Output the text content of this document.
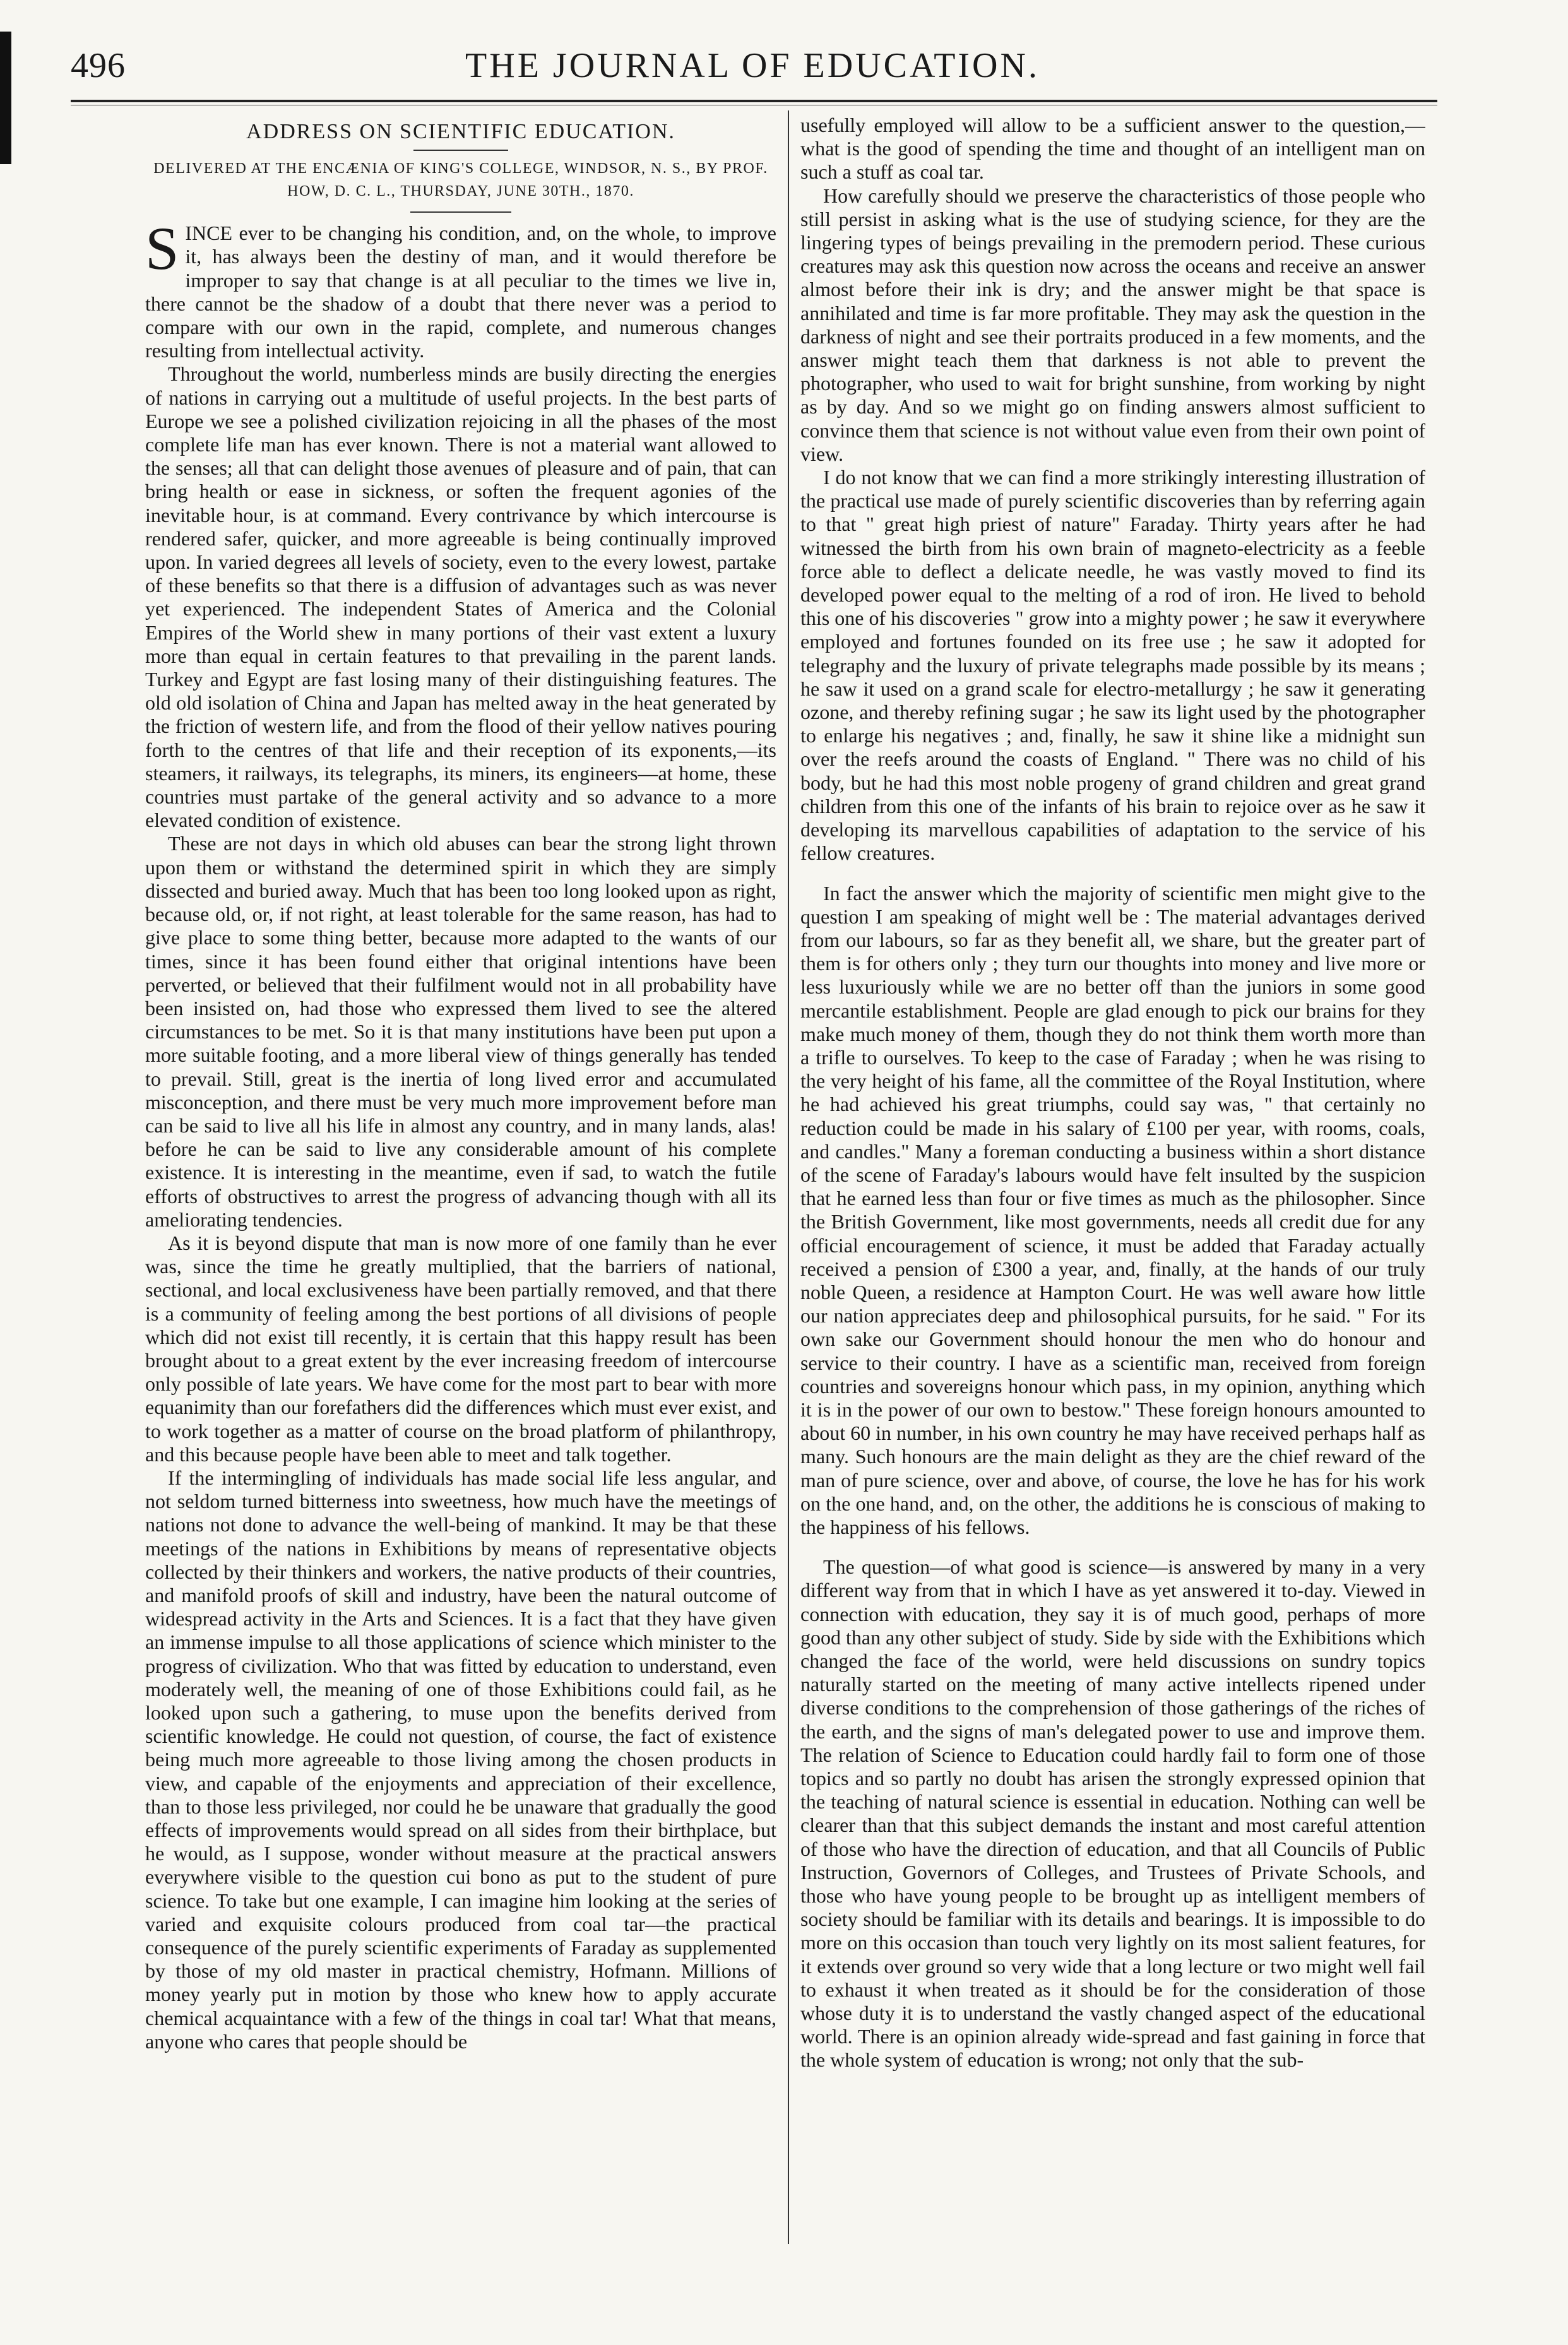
496	THE JOURNAL OF EDUCATION.
ADDRESS ON SCIENTIFIC EDUCATION.
DELIVERED AT THE ENCÆNIA OF KING'S COLLEGE, WINDSOR, N. S., BY PROF. HOW, D. C. L., THURSDAY, JUNE 30TH., 1870.

SINCE ever to be changing his condition, and, on the whole, to improve it, has always been the destiny of man, and it would therefore be improper to say that change is at all peculiar to the times we live in, there cannot be the shadow of a doubt that there never was a period to compare with our own in the rapid, complete, and numerous changes resulting from intellectual activity.

Throughout the world, numberless minds are busily directing the energies of nations in carrying out a multitude of useful projects. In the best parts of Europe we see a polished civilization rejoicing in all the phases of the most complete life man has ever known. There is not a material want allowed to the senses; all that can delight those avenues of pleasure and of pain, that can bring health or ease in sickness, or soften the frequent agonies of the inevitable hour, is at command. Every contrivance by which intercourse is rendered safer, quicker, and more agreeable is being continually improved upon. In varied degrees all levels of society, even to the every lowest, partake of these benefits so that there is a diffusion of advantages such as was never yet experienced. The independent States of America and the Colonial Empires of the World shew in many portions of their vast extent a luxury more than equal in certain features to that prevailing in the parent lands. Turkey and Egypt are fast losing many of their distinguishing features. The old old isolation of China and Japan has melted away in the heat generated by the friction of western life, and from the flood of their yellow natives pouring forth to the centres of that life and their reception of its exponents,—its steamers, it railways, its telegraphs, its miners, its engineers—at home, these countries must partake of the general activity and so advance to a more elevated condition of existence.

These are not days in which old abuses can bear the strong light thrown upon them or withstand the determined spirit in which they are simply dissected and buried away. Much that has been too long looked upon as right, because old, or, if not right, at least tolerable for the same reason, has had to give place to some thing better, because more adapted to the wants of our times, since it has been found either that original intentions have been perverted, or believed that their fulfilment would not in all probability have been insisted on, had those who expressed them lived to see the altered circumstances to be met. So it is that many institutions have been put upon a more suitable footing, and a more liberal view of things generally has tended to prevail. Still, great is the inertia of long lived error and accumulated misconception, and there must be very much more improvement before man can be said to live all his life in almost any country, and in many lands, alas! before he can be said to live any considerable amount of his complete existence. It is interesting in the meantime, even if sad, to watch the futile efforts of obstructives to arrest the progress of advancing though with all its ameliorating tendencies.

As it is beyond dispute that man is now more of one family than he ever was, since the time he greatly multiplied, that the barriers of national, sectional, and local exclusiveness have been partially removed, and that there is a community of feeling among the best portions of all divisions of people which did not exist till recently, it is certain that this happy result has been brought about to a great extent by the ever increasing freedom of intercourse only possible of late years. We have come for the most part to bear with more equanimity than our forefathers did the differences which must ever exist, and to work together as a matter of course on the broad platform of philanthropy, and this because people have been able to meet and talk together.

If the intermingling of individuals has made social life less angular, and not seldom turned bitterness into sweetness, how much have the meetings of nations not done to advance the well-being of mankind. It may be that these meetings of the nations in Exhibitions by means of representative objects collected by their thinkers and workers, the native products of their countries, and manifold proofs of skill and industry, have been the natural outcome of widespread activity in the Arts and Sciences. It is a fact that they have given an immense impulse to all those applications of science which minister to the progress of civilization. Who that was fitted by education to understand, even moderately well, the meaning of one of those Exhibitions could fail, as he looked upon such a gathering, to muse upon the benefits derived from scientific knowledge. He could not question, of course, the fact of existence being much more agreeable to those living among the chosen products in view, and capable of the enjoyments and appreciation of their excellence, than to those less privileged, nor could he be unaware that gradually the good effects of improvements would spread on all sides from their birthplace, but he would, as I suppose, wonder without measure at the practical answers everywhere visible to the question cui bono as put to the student of pure science. To take but one example, I can imagine him looking at the series of varied and exquisite colours produced from coal tar—the practical consequence of the purely scientific experiments of Faraday as supplemented by those of my old master in practical chemistry, Hofmann. Millions of money yearly put in motion by those who knew how to apply accurate chemical acquaintance with a few of the things in coal tar! What that means, anyone who cares that people should be

usefully employed will allow to be a sufficient answer to the question,—what is the good of spending the time and thought of an intelligent man on such a stuff as coal tar.

How carefully should we preserve the characteristics of those people who still persist in asking what is the use of studying science, for they are the lingering types of beings prevailing in the premodern period. These curious creatures may ask this question now across the oceans and receive an answer almost before their ink is dry; and the answer might be that space is annihilated and time is far more profitable. They may ask the question in the darkness of night and see their portraits produced in a few moments, and the answer might teach them that darkness is not able to prevent the photographer, who used to wait for bright sunshine, from working by night as by day. And so we might go on finding answers almost sufficient to convince them that science is not without value even from their own point of view.

I do not know that we can find a more strikingly interesting illustration of the practical use made of purely scientific discoveries than by referring again to that " great high priest of nature" Faraday. Thirty years after he had witnessed the birth from his own brain of magneto-electricity as a feeble force able to deflect a delicate needle, he was vastly moved to find its developed power equal to the melting of a rod of iron. He lived to behold this one of his discoveries " grow into a mighty power ; he saw it everywhere employed and fortunes founded on its free use ; he saw it adopted for telegraphy and the luxury of private telegraphs made possible by its means ; he saw it used on a grand scale for electro-metallurgy ; he saw it generating ozone, and thereby refining sugar ; he saw its light used by the photographer to enlarge his negatives ; and, finally, he saw it shine like a midnight sun over the reefs around the coasts of England. " There was no child of his body, but he had this most noble progeny of grand children and great grand children from this one of the infants of his brain to rejoice over as he saw it developing its marvellous capabilities of adaptation to the service of his fellow creatures.

In fact the answer which the majority of scientific men might give to the question I am speaking of might well be : The material advantages derived from our labours, so far as they benefit all, we share, but the greater part of them is for others only ; they turn our thoughts into money and live more or less luxuriously while we are no better off than the juniors in some good mercantile establishment. People are glad enough to pick our brains for they make much money of them, though they do not think them worth more than a trifle to ourselves. To keep to the case of Faraday ; when he was rising to the very height of his fame, all the committee of the Royal Institution, where he had achieved his great triumphs, could say was, " that certainly no reduction could be made in his salary of £100 per year, with rooms, coals, and candles." Many a foreman conducting a business within a short distance of the scene of Faraday's labours would have felt insulted by the suspicion that he earned less than four or five times as much as the philosopher. Since the British Government, like most governments, needs all credit due for any official encouragement of science, it must be added that Faraday actually received a pension of £300 a year, and, finally, at the hands of our truly noble Queen, a residence at Hampton Court. He was well aware how little our nation appreciates deep and philosophical pursuits, for he said. " For its own sake our Government should honour the men who do honour and service to their country. I have as a scientific man, received from foreign countries and sovereigns honour which pass, in my opinion, anything which it is in the power of our own to bestow." These foreign honours amounted to about 60 in number, in his own country he may have received perhaps half as many. Such honours are the main delight as they are the chief reward of the man of pure science, over and above, of course, the love he has for his work on the one hand, and, on the other, the additions he is conscious of making to the happiness of his fellows.

The question—of what good is science—is answered by many in a very different way from that in which I have as yet answered it to-day. Viewed in connection with education, they say it is of much good, perhaps of more good than any other subject of study. Side by side with the Exhibitions which changed the face of the world, were held discussions on sundry topics naturally started on the meeting of many active intellects ripened under diverse conditions to the comprehension of those gatherings of the riches of the earth, and the signs of man's delegated power to use and improve them. The relation of Science to Education could hardly fail to form one of those topics and so partly no doubt has arisen the strongly expressed opinion that the teaching of natural science is essential in education. Nothing can well be clearer than that this subject demands the instant and most careful attention of those who have the direction of education, and that all Councils of Public Instruction, Governors of Colleges, and Trustees of Private Schools, and those who have young people to be brought up as intelligent members of society should be familiar with its details and bearings. It is impossible to do more on this occasion than touch very lightly on its most salient features, for it extends over ground so very wide that a long lecture or two might well fail to exhaust it when treated as it should be for the consideration of those whose duty it is to understand the vastly changed aspect of the educational world. There is an opinion already wide-spread and fast gaining in force that the whole system of education is wrong; not only that the sub-
